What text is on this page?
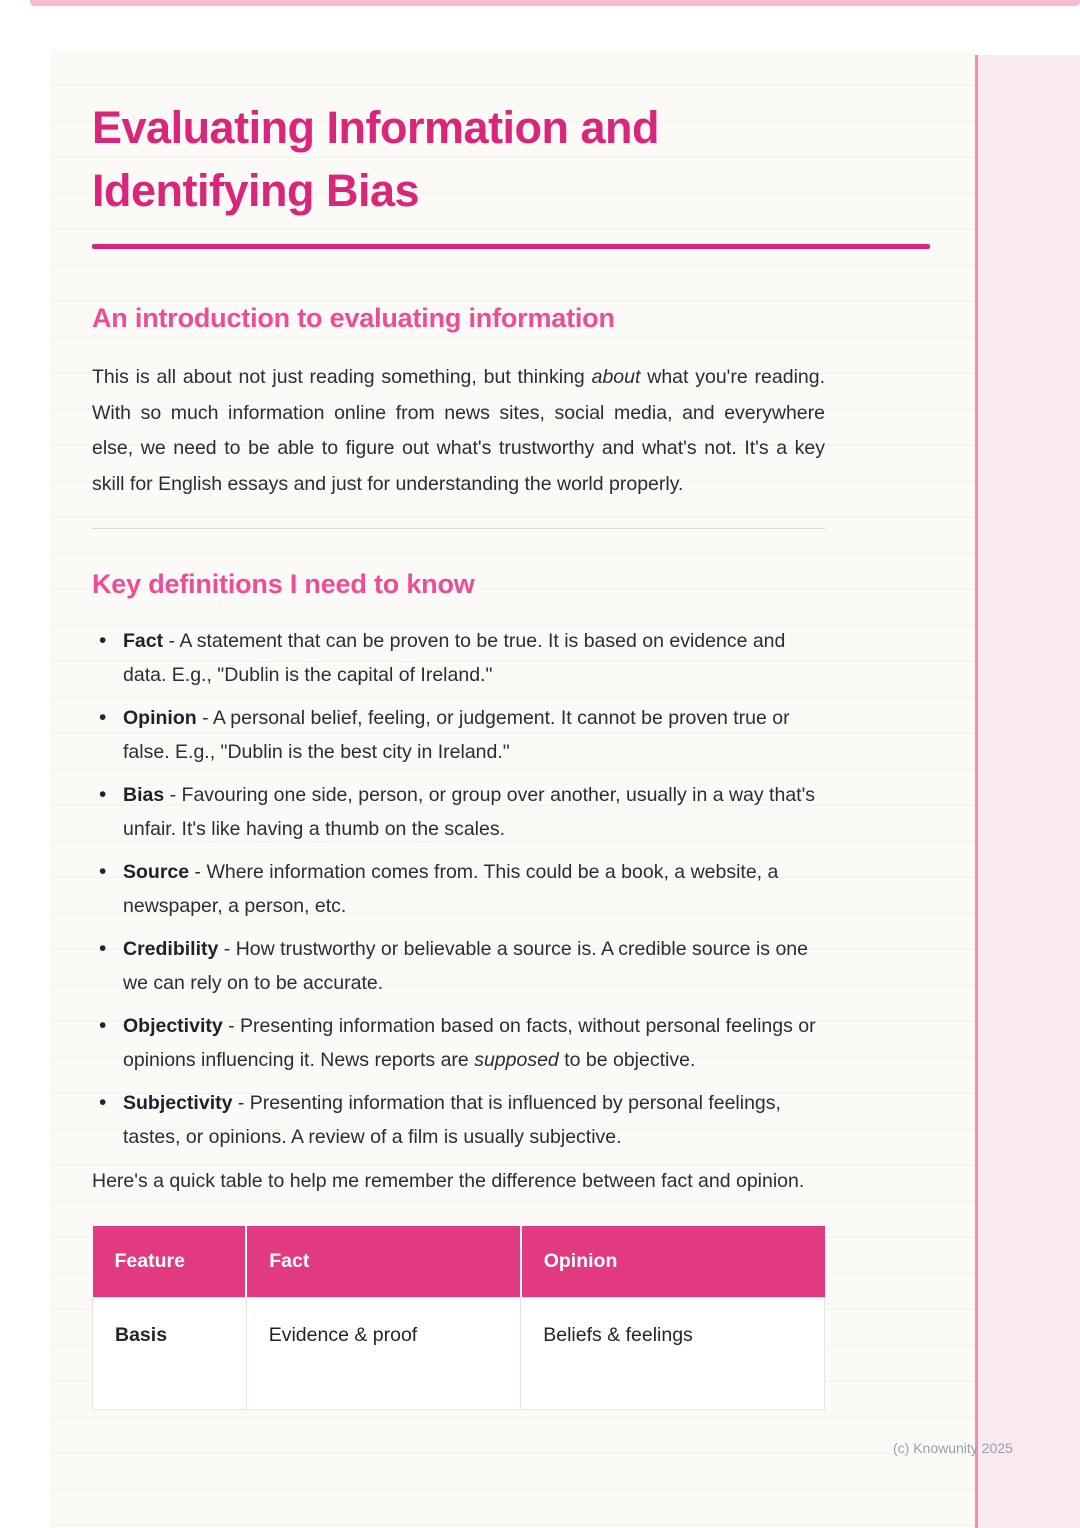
Evaluating Information and Identifying Bias
An introduction to evaluating information

This is all about not just reading something, but thinking about what you're reading. With so much information online from news sites, social media, and everywhere else, we need to be able to figure out what's trustworthy and what's not. It's a key skill for English essays and just for understanding the world properly.

Key definitions I need to know
• Fact - A statement that can be proven to be true. It is based on evidence and data. E.g., "Dublin is the capital of Ireland."
• Opinion - A personal belief, feeling, or judgement. It cannot be proven true or false. E.g., "Dublin is the best city in Ireland."
• Bias - Favouring one side, person, or group over another, usually in a way that's unfair. It's like having a thumb on the scales.
• Source - Where information comes from. This could be a book, a website, a newspaper, a person, etc.
• Credibility - How trustworthy or believable a source is. A credible source is one we can rely on to be accurate.
• Objectivity - Presenting information based on facts, without personal feelings or opinions influencing it. News reports are supposed to be objective.
• Subjectivity - Presenting information that is influenced by personal feelings, tastes, or opinions. A review of a film is usually subjective.

Here's a quick table to help me remember the difference between fact and opinion.

Feature	Fact	Opinion
Basis	Evidence & proof	Beliefs & feelings
(c) Knowunity 2025
